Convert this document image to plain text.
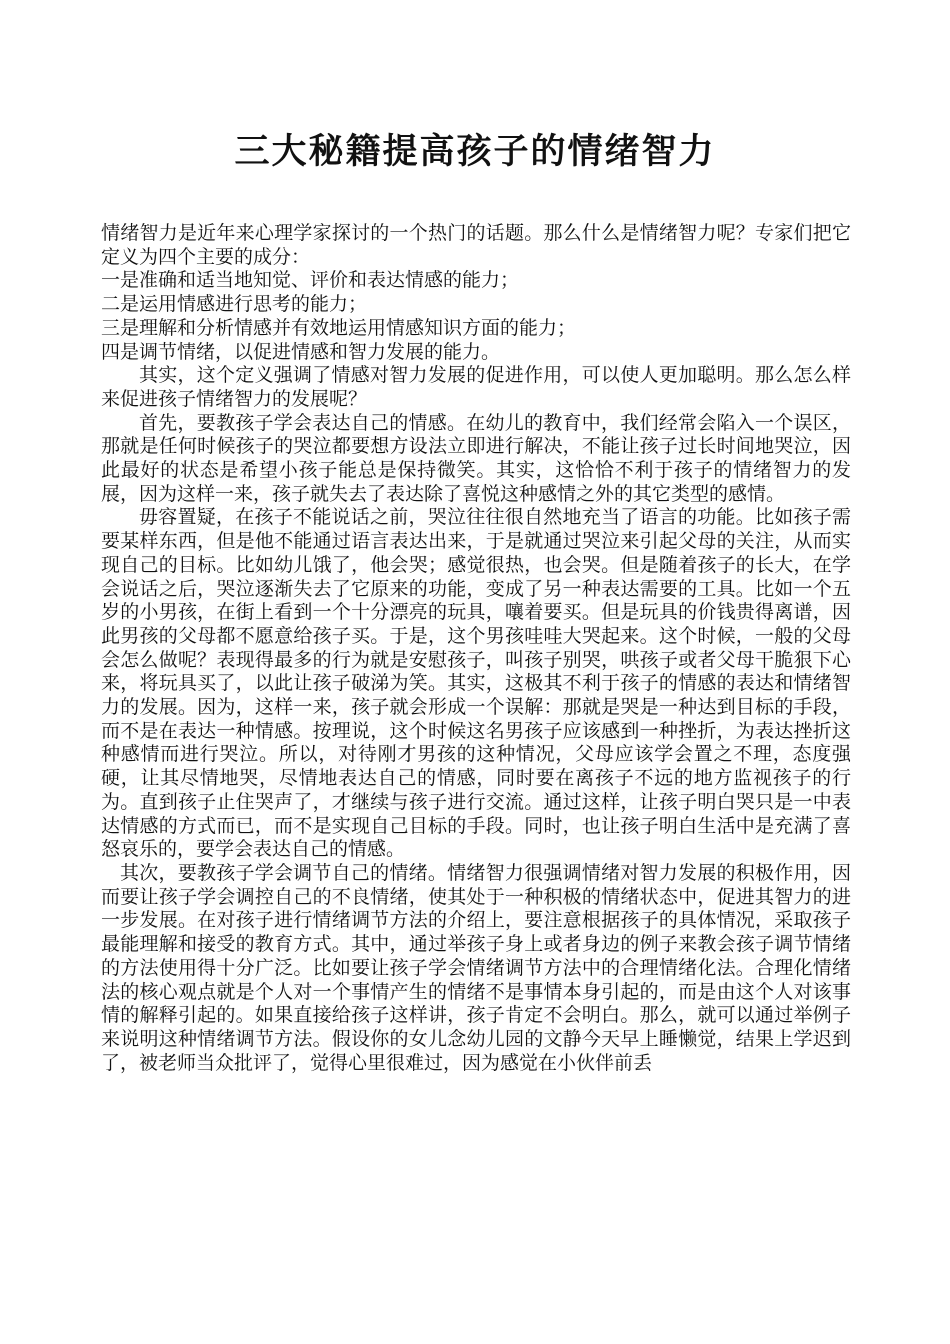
三大秘籍提高孩子的情绪智力

情绪智力是近年来心理学家探讨的一个热门的话题。那么什么是情绪智力呢？专家们把它定义为四个主要的成分：

一是准确和适当地知觉、评价和表达情感的能力；

二是运用情感进行思考的能力；

三是理解和分析情感并有效地运用情感知识方面的能力；

四是调节情绪，以促进情感和智力发展的能力。

其实，这个定义强调了情感对智力发展的促进作用，可以使人更加聪明。那么怎么样来促进孩子情绪智力的发展呢？

首先，要教孩子学会表达自己的情感。在幼儿的教育中，我们经常会陷入一个误区，那就是任何时候孩子的哭泣都要想方设法立即进行解决，不能让孩子过长时间地哭泣，因此最好的状态是希望小孩子能总是保持微笑。其实，这恰恰不利于孩子的情绪智力的发展，因为这样一来，孩子就失去了表达除了喜悦这种感情之外的其它类型的感情。

毋容置疑，在孩子不能说话之前，哭泣往往很自然地充当了语言的功能。比如孩子需要某样东西，但是他不能通过语言表达出来，于是就通过哭泣来引起父母的关注，从而实现自己的目标。比如幼儿饿了，他会哭；感觉很热，也会哭。但是随着孩子的长大，在学会说话之后，哭泣逐渐失去了它原来的功能，变成了另一种表达需要的工具。比如一个五岁的小男孩，在街上看到一个十分漂亮的玩具，嚷着要买。但是玩具的价钱贵得离谱，因此男孩的父母都不愿意给孩子买。于是，这个男孩哇哇大哭起来。这个时候，一般的父母会怎么做呢？表现得最多的行为就是安慰孩子，叫孩子别哭，哄孩子或者父母干脆狠下心来，将玩具买了，以此让孩子破涕为笑。其实，这极其不利于孩子的情感的表达和情绪智力的发展。因为，这样一来，孩子就会形成一个误解：那就是哭是一种达到目标的手段，而不是在表达一种情感。按理说，这个时候这名男孩子应该感到一种挫折，为表达挫折这种感情而进行哭泣。所以，对待刚才男孩的这种情况，父母应该学会置之不理，态度强硬，让其尽情地哭，尽情地表达自己的情感，同时要在离孩子不远的地方监视孩子的行为。直到孩子止住哭声了，才继续与孩子进行交流。通过这样，让孩子明白哭只是一中表达情感的方式而已，而不是实现自己目标的手段。同时，也让孩子明白生活中是充满了喜怒哀乐的，要学会表达自己的情感。

其次，要教孩子学会调节自己的情绪。情绪智力很强调情绪对智力发展的积极作用，因而要让孩子学会调控自己的不良情绪，使其处于一种积极的情绪状态中，促进其智力的进一步发展。在对孩子进行情绪调节方法的介绍上，要注意根据孩子的具体情况，采取孩子最能理解和接受的教育方式。其中，通过举孩子身上或者身边的例子来教会孩子调节情绪的方法使用得十分广泛。比如要让孩子学会情绪调节方法中的合理情绪化法。合理化情绪法的核心观点就是个人对一个事情产生的情绪不是事情本身引起的，而是由这个人对该事情的解释引起的。如果直接给孩子这样讲，孩子肯定不会明白。那么，就可以通过举例子来说明这种情绪调节方法。假设你的女儿念幼儿园的文静今天早上睡懒觉，结果上学迟到了，被老师当众批评了，觉得心里很难过，因为感觉在小伙伴前丢
